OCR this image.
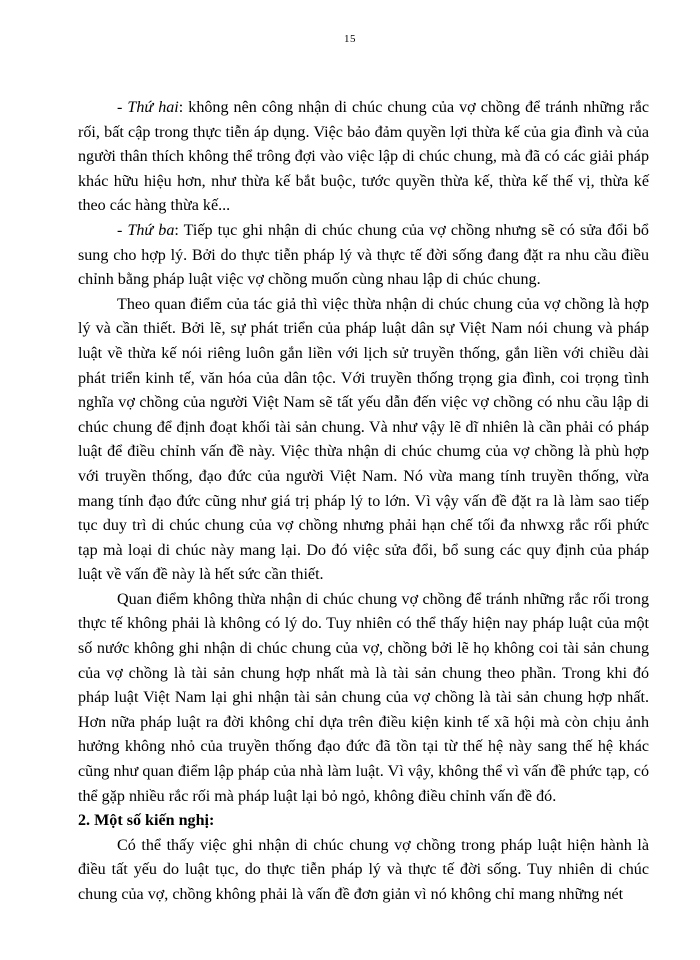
15

- Thứ hai: không nên công nhận di chúc chung của vợ chồng để tránh những rắc rối, bất cập trong thực tiễn áp dụng. Việc bảo đảm quyền lợi thừa kế của gia đình và của người thân thích không thể trông đợi vào việc lập di chúc chung, mà đã có các giải pháp khác hữu hiệu hơn, như thừa kế bắt buộc, tước quyền thừa kế, thừa kế thế vị, thừa kế theo các hàng thừa kế...

- Thứ ba: Tiếp tục ghi nhận di chúc chung của vợ chồng nhưng sẽ có sửa đổi bổ sung cho hợp lý. Bởi do thực tiễn pháp lý và thực tế đời sống đang đặt ra nhu cầu điều chỉnh bằng pháp luật việc vợ chồng muốn cùng nhau lập di chúc chung.

Theo quan điểm của tác giả thì việc thừa nhận di chúc chung của vợ chồng là hợp lý và cần thiết. Bởi lẽ, sự phát triển của pháp luật dân sự Việt Nam nói chung và pháp luật về thừa kế nói riêng luôn gắn liền với lịch sử truyền thống, gắn liền với chiều dài phát triển kinh tế, văn hóa của dân tộc. Với truyền thống trọng gia đình, coi trọng tình nghĩa vợ chồng của người Việt Nam sẽ tất yếu dẫn đến việc vợ chồng có nhu cầu lập di chúc chung để định đoạt khối tài sản chung. Và như vậy lẽ dĩ nhiên là cần phải có pháp luật để điều chỉnh vấn đề này. Việc thừa nhận di chúc chumg của vợ chồng là phù hợp với truyền thống, đạo đức của người Việt Nam. Nó vừa mang tính truyền thống, vừa mang tính đạo đức cũng như giá trị pháp lý to lớn. Vì vậy vấn đề đặt ra là làm sao tiếp tục duy trì di chúc chung của vợ chồng nhưng phải hạn chế tối đa nhwxg rắc rối phức tạp mà loại di chúc này mang lại. Do đó việc sửa đổi, bổ sung các quy định của pháp luật về vấn đề này là hết sức cần thiết.

Quan điểm không thừa nhận di chúc chung vợ chồng để tránh những rắc rối trong thực tế không phải là không có lý do. Tuy nhiên có thể thấy hiện nay pháp luật của một số nước không ghi nhận di chúc chung của vợ, chồng bởi lẽ họ không coi tài sản chung của vợ chồng là tài sản chung hợp nhất mà là tài sản chung theo phần. Trong khi đó pháp luật Việt Nam lại ghi nhận tài sản chung của vợ chồng là tài sản chung hợp nhất. Hơn nữa pháp luật ra đời không chỉ dựa trên điều kiện kinh tế xã hội mà còn chịu ảnh hưởng không nhỏ của truyền thống đạo đức đã tồn tại từ thế hệ này sang thế hệ khác cũng như quan điểm lập pháp của nhà làm luật. Vì vậy, không thể vì vấn đề phức tạp, có thể gặp nhiều rắc rối mà pháp luật lại bỏ ngỏ, không điều chỉnh vấn đề đó.

2. Một số kiến nghị:

Có thể thấy việc ghi nhận di chúc chung vợ chồng trong pháp luật hiện hành là điều tất yếu do luật tục, do thực tiễn pháp lý và thực tế đời sống. Tuy nhiên di chúc chung của vợ, chồng không phải là vấn đề đơn giản vì nó không chỉ mang những nét
